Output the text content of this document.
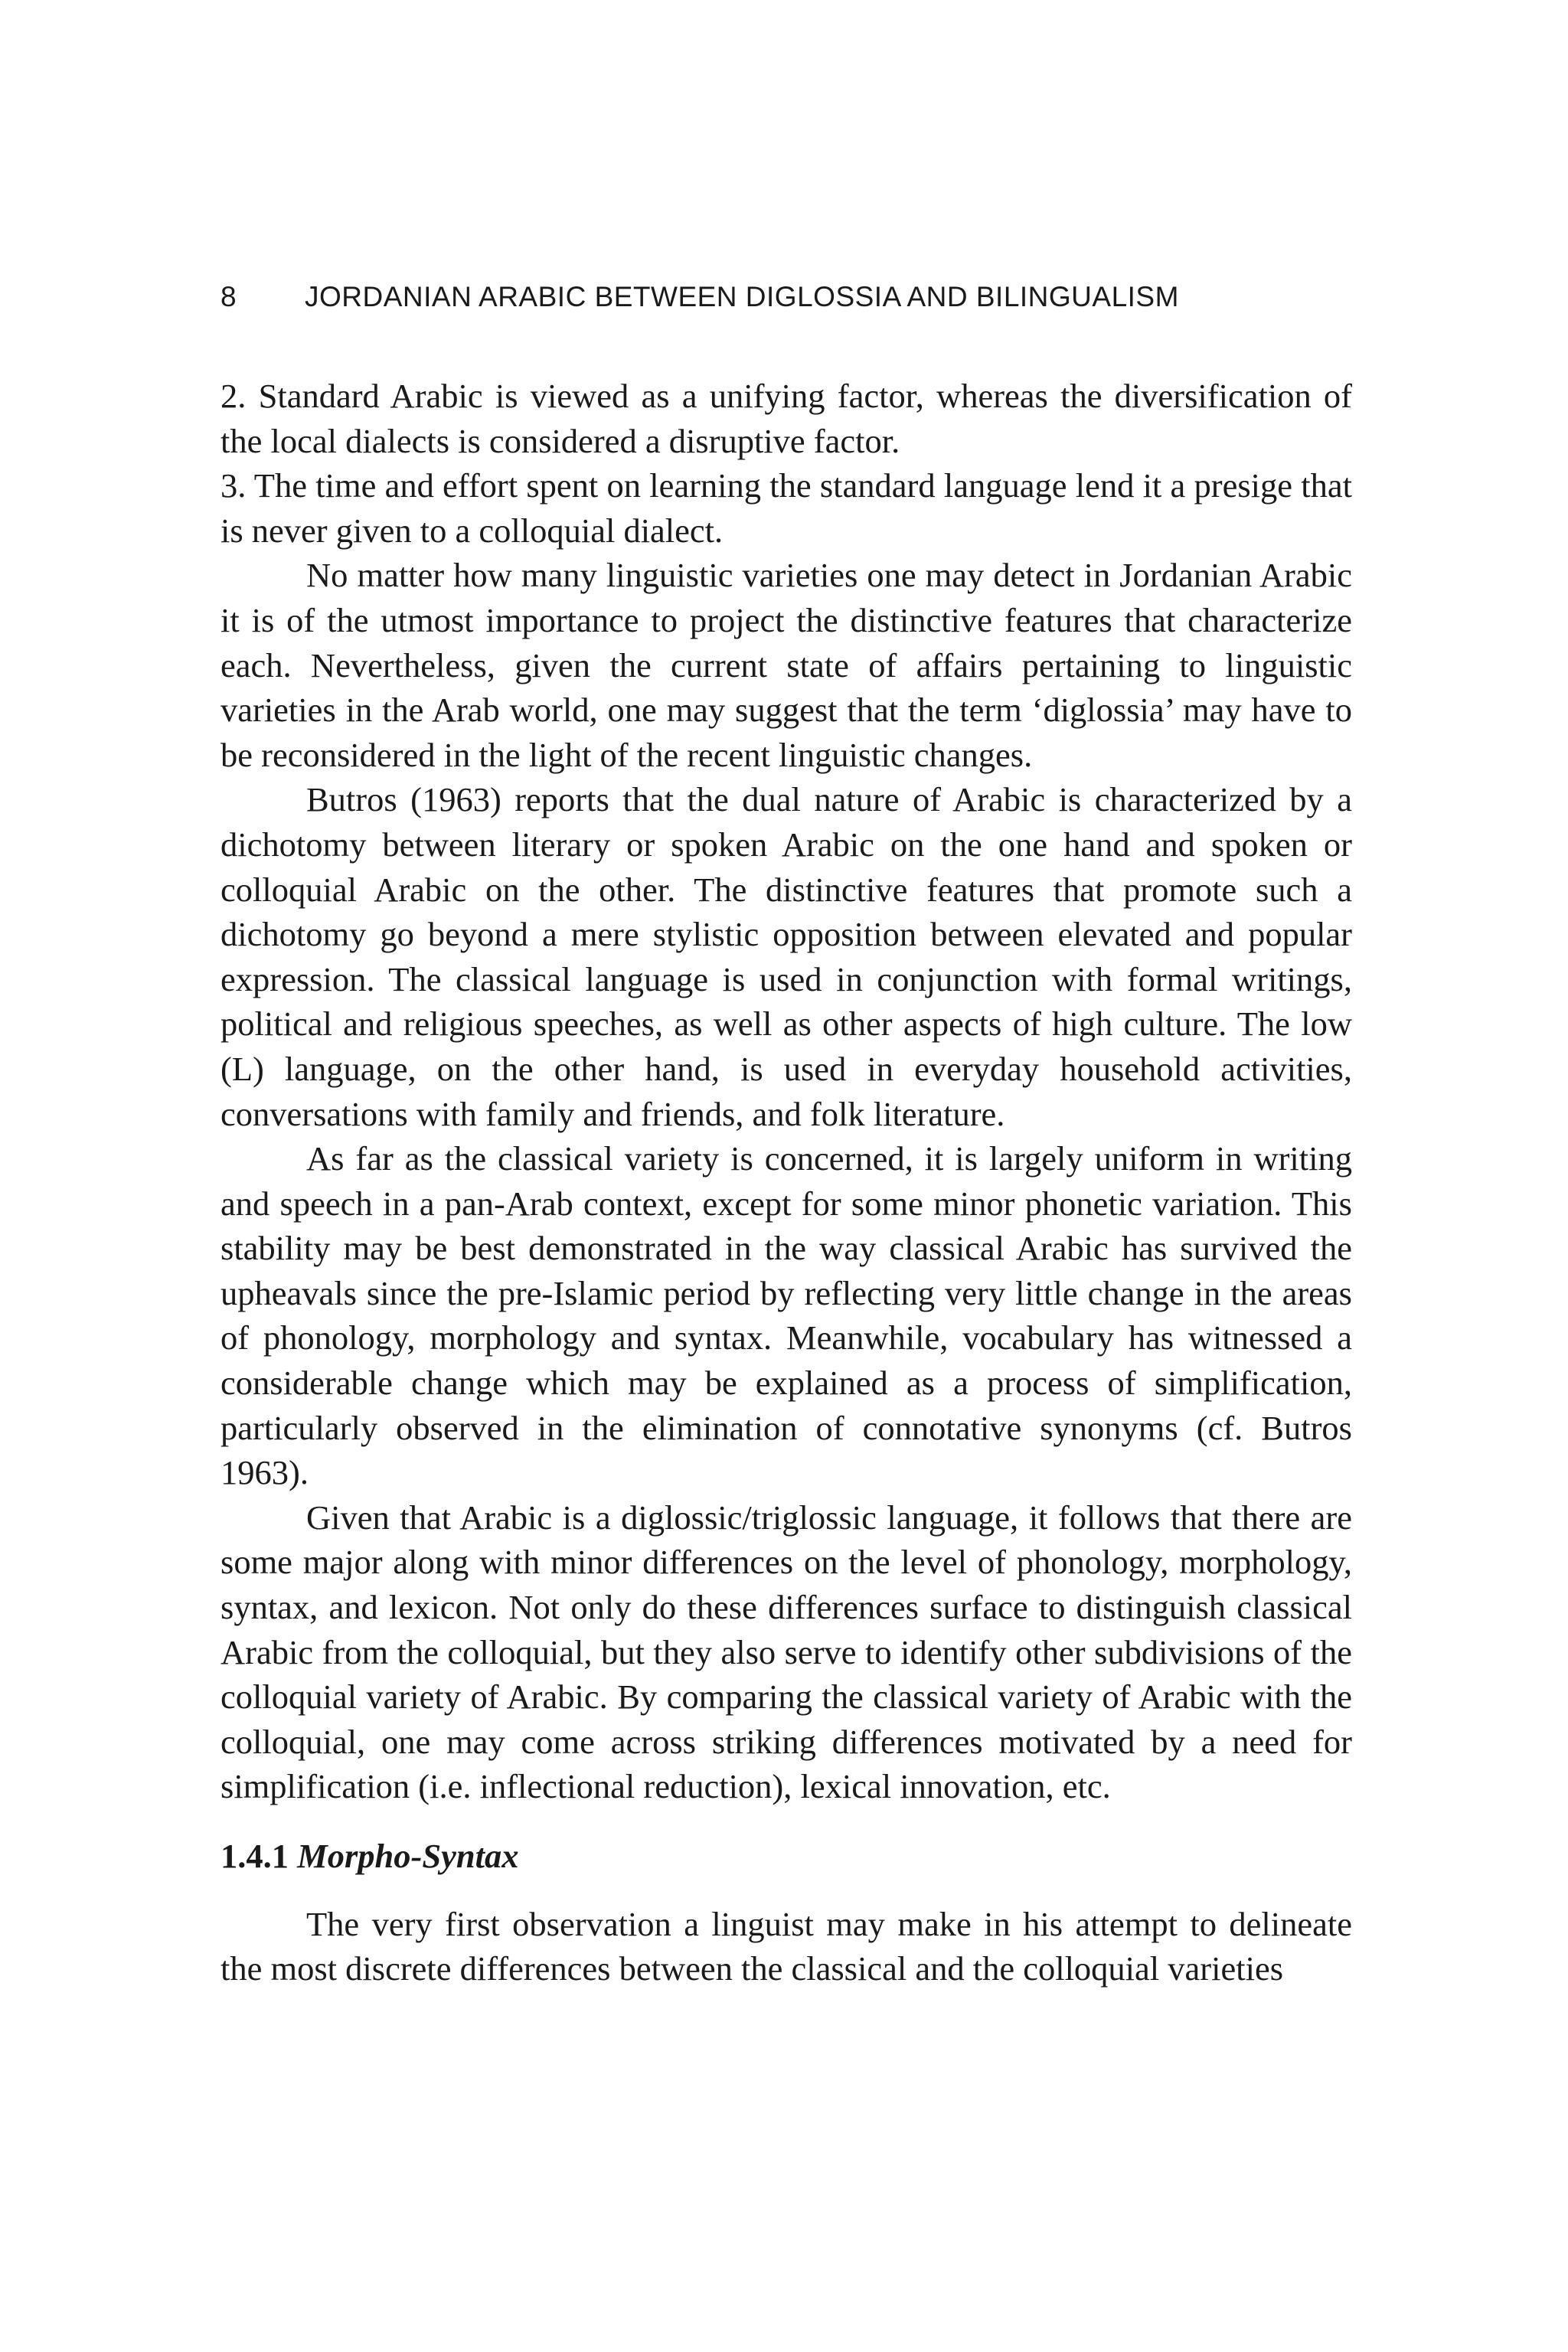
8 JORDANIAN ARABIC BETWEEN DIGLOSSIA AND BILINGUALISM

2. Standard Arabic is viewed as a unifying factor, whereas the diversification of the local dialects is considered a disruptive factor.

3. The time and effort spent on learning the standard language lend it a presige that is never given to a colloquial dialect.

No matter how many linguistic varieties one may detect in Jordanian Arabic it is of the utmost importance to project the distinctive features that characterize each. Nevertheless, given the current state of affairs pertaining to linguistic varieties in the Arab world, one may suggest that the term ‘diglossia’ may have to be reconsidered in the light of the recent linguistic changes.

Butros (1963) reports that the dual nature of Arabic is characterized by a dichotomy between literary or spoken Arabic on the one hand and spoken or colloquial Arabic on the other. The distinctive features that promote such a dichotomy go beyond a mere stylistic opposition between elevated and popular expression. The classical language is used in conjunction with formal writings, political and religious speeches, as well as other aspects of high culture. The low (L) language, on the other hand, is used in everyday household activities, conversations with family and friends, and folk literature.

As far as the classical variety is concerned, it is largely uniform in writing and speech in a pan-Arab context, except for some minor phonetic variation. This stability may be best demonstrated in the way classical Arabic has survived the upheavals since the pre-Islamic period by reflecting very little change in the areas of phonology, morphology and syntax. Meanwhile, vocabulary has witnessed a considerable change which may be explained as a process of simplification, particularly observed in the elimination of connotative synonyms (cf. Butros 1963).

Given that Arabic is a diglossic/triglossic language, it follows that there are some major along with minor differences on the level of phonology, morphology, syntax, and lexicon. Not only do these differences surface to distinguish classical Arabic from the colloquial, but they also serve to identify other subdivisions of the colloquial variety of Arabic. By comparing the classical variety of Arabic with the colloquial, one may come across striking differences motivated by a need for simplification (i.e. inflectional reduction), lexical innovation, etc.

1.4.1 Morpho-Syntax

The very first observation a linguist may make in his attempt to delineate the most discrete differences between the classical and the colloquial varieties
